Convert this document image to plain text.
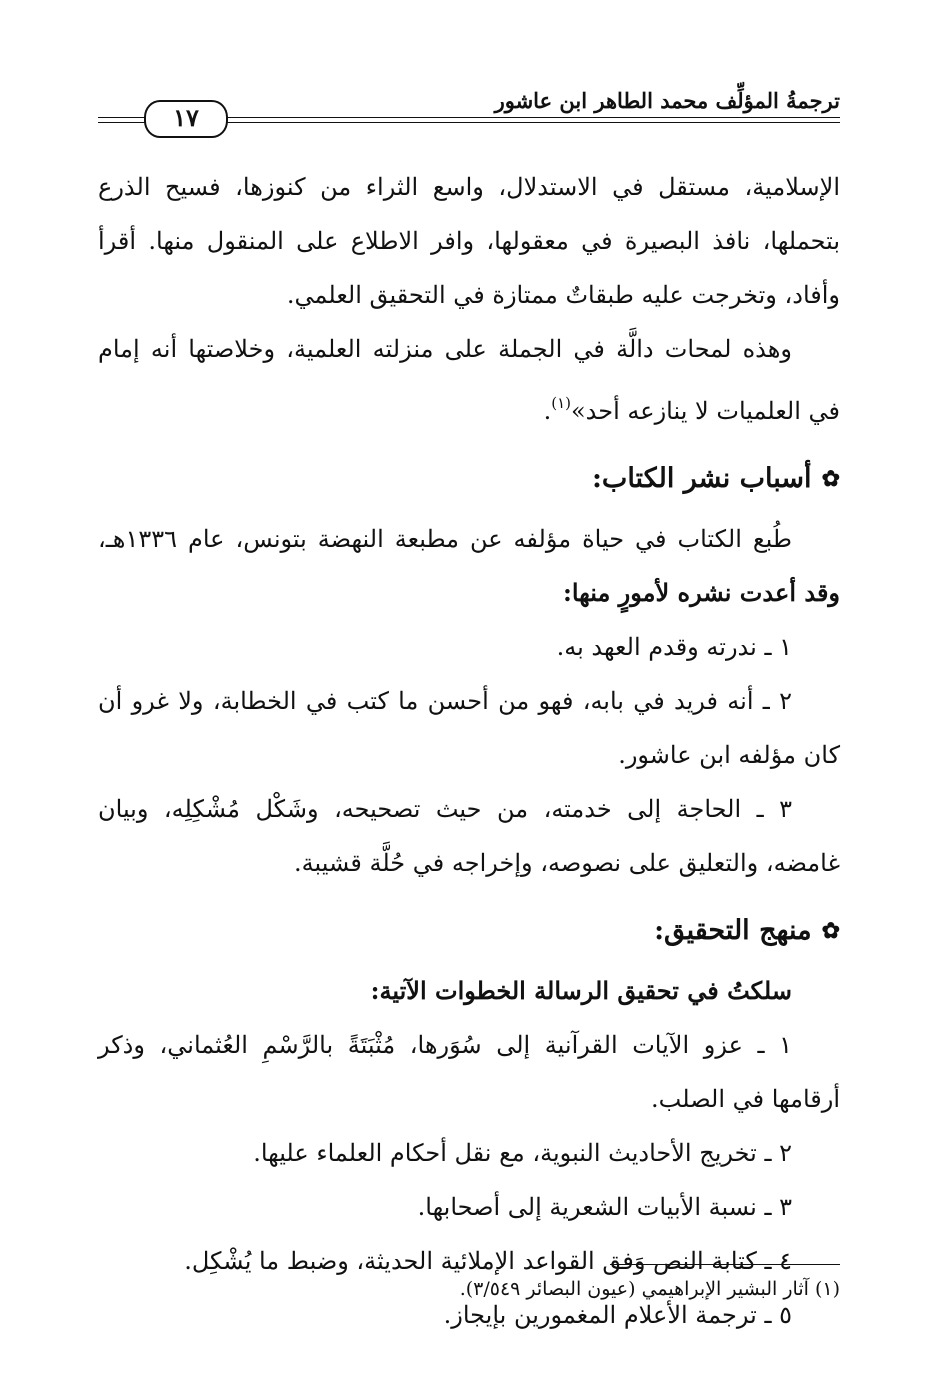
ترجمةُ المؤلِّف محمد الطاهر ابن عاشور
١٧

الإسلامية، مستقل في الاستدلال، واسع الثراء من كنوزها، فسيح الذرع بتحملها، نافذ البصيرة في معقولها، وافر الاطلاع على المنقول منها. أقرأ وأفاد، وتخرجت عليه طبقاتٌ ممتازة في التحقيق العلمي.

وهذه لمحات دالَّة في الجملة على منزلته العلمية، وخلاصتها أنه إمام في العلميات لا ينازعه أحد»$^{(١)}$.

✿أسباب نشر الكتاب:

طُبع الكتاب في حياة مؤلفه عن مطبعة النهضة بتونس، عام ١٣٣٦هـ، وقد أعدت نشره لأمورٍ منها:

١ ـ ندرته وقدم العهد به.

٢ ـ أنه فريد في بابه، فهو من أحسن ما كتب في الخطابة، ولا غرو أن كان مؤلفه ابن عاشور.

٣ ـ الحاجة إلى خدمته، من حيث تصحيحه، وشَكْل مُشْكِلِه، وبيان غامضه، والتعليق على نصوصه، وإخراجه في حُلَّة قشيبة.

✿منهج التحقيق:

سلكتُ في تحقيق الرسالة الخطوات الآتية:

١ ـ عزو الآيات القرآنية إلى سُوَرها، مُثْبَتَةً بالرَّسْمِ العُثماني، وذكر أرقامها في الصلب.

٢ ـ تخريج الأحاديث النبوية، مع نقل أحكام العلماء عليها.

٣ ـ نسبة الأبيات الشعرية إلى أصحابها.

٤ ـ كتابة النص وَفق القواعد الإملائية الحديثة، وضبط ما يُشْكِل.

٥ ـ ترجمة الأعلام المغمورين بإيجاز.

(١) آثار البشير الإبراهيمي (عيون البصائر ٣/٥٤٩).
